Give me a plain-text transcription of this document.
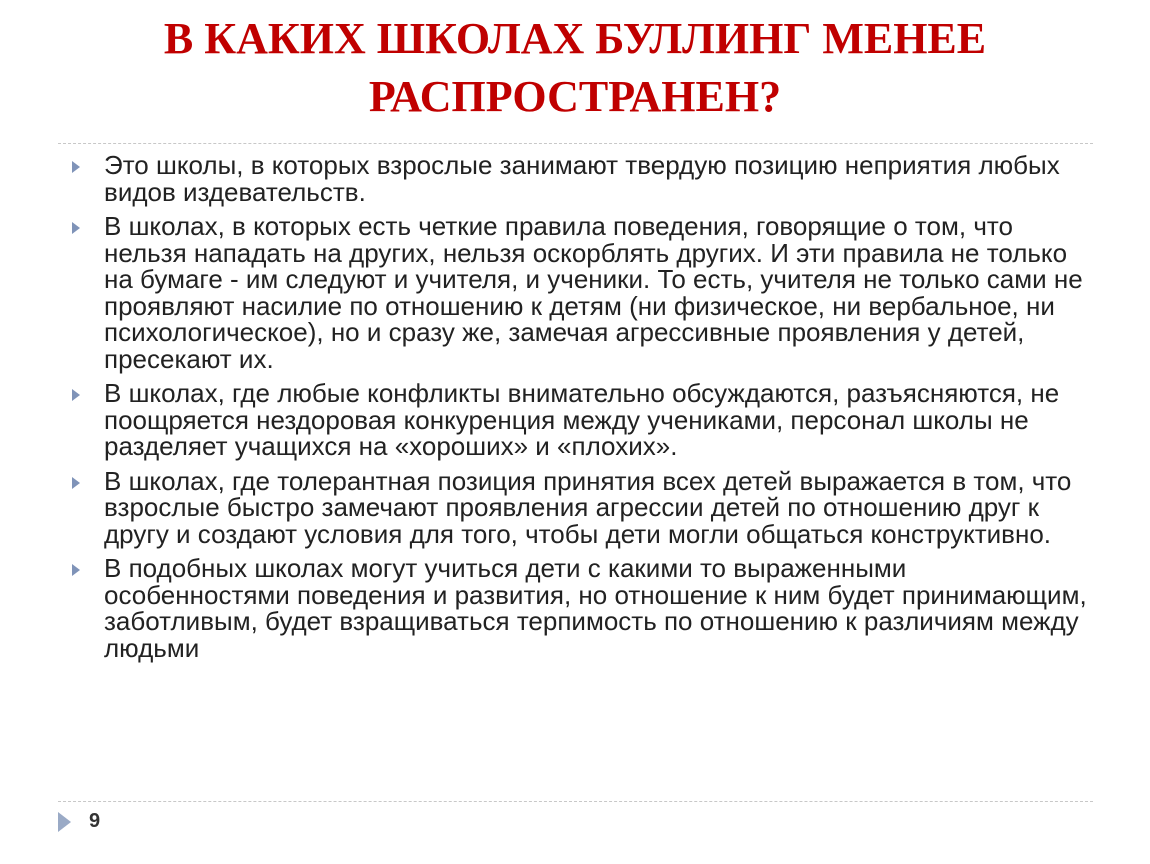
В КАКИХ ШКОЛАХ БУЛЛИНГ МЕНЕЕ
РАСПРОСТРАНЕН?
Это школы, в которых взрослые занимают твердую позицию неприятия любых видов издевательств.
В школах, в которых есть четкие правила поведения, говорящие о том, что нельзя нападать на других, нельзя оскорблять других. И эти правила не только на бумаге - им следуют и учителя, и ученики. То есть, учителя не только сами не проявляют насилие по отношению к детям (ни физическое, ни вербальное, ни психологическое), но и сразу же, замечая агрессивные проявления у детей, пресекают их.
В школах, где любые конфликты внимательно обсуждаются, разъясняются, не поощряется нездоровая конкуренция между учениками, персонал школы не разделяет учащихся на «хороших» и «плохих».
В школах, где толерантная позиция принятия всех детей выражается в том, что взрослые быстро замечают проявления агрессии детей по отношению друг к другу и создают условия для того, чтобы дети могли общаться конструктивно.
В подобных школах могут учиться дети с какими то выраженными особенностями поведения и развития, но отношение к ним будет принимающим, заботливым, будет взращиваться терпимость по отношению к различиям между людьми
9
